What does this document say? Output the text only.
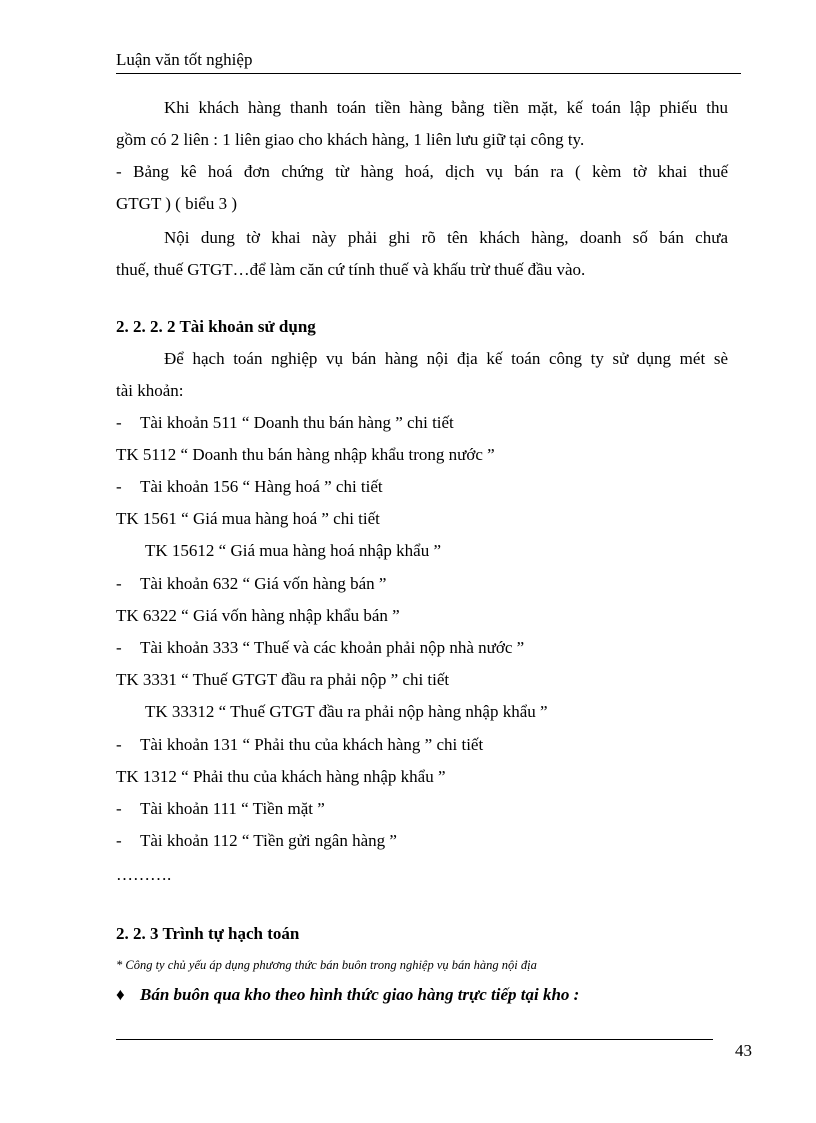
Luận văn tốt nghiệp
Khi khách hàng thanh toán tiền hàng bằng tiền mặt, kế toán lập phiếu thu
gồm có 2 liên : 1 liên giao cho khách hàng, 1 liên lưu giữ tại công ty.
- Bảng kê hoá đơn chứng từ hàng hoá, dịch vụ bán ra ( kèm tờ khai thuế
GTGT ) ( biểu 3 )
Nội dung tờ khai này phải ghi rõ tên khách hàng, doanh số bán chưa
thuế, thuế GTGT…để làm căn cứ tính thuế và khấu trừ thuế đầu vào.
2. 2. 2. 2 Tài khoản sử dụng
Để hạch toán nghiệp vụ bán hàng nội địa kế toán công ty sử dụng mét sè
tài khoản:
- Tài khoản 511 “ Doanh thu bán hàng ” chi tiết
TK 5112 “ Doanh thu bán hàng nhập khẩu trong nước ”
- Tài khoản 156 “ Hàng hoá ” chi tiết
TK 1561 “ Giá mua hàng hoá ” chi tiết
TK 15612 “ Giá mua hàng hoá nhập khẩu ”
- Tài khoản 632 “ Giá vốn hàng bán ”
TK 6322 “ Giá vốn hàng nhập khẩu bán ”
- Tài khoản 333 “ Thuế và các khoản phải nộp nhà nước ”
TK 3331 “ Thuế GTGT đầu ra phải nộp ” chi tiết
TK 33312 “ Thuế GTGT đầu ra phải nộp hàng nhập khẩu ”
- Tài khoản 131 “ Phải thu của khách hàng ” chi tiết
TK 1312 “ Phải thu của khách hàng nhập khẩu ”
- Tài khoản 111 “ Tiền mặt ”
- Tài khoản 112 “ Tiền gửi ngân hàng ”
……….
2. 2. 3 Trình tự hạch toán
* Công ty chủ yếu áp dụng phương thức bán buôn trong nghiệp vụ bán hàng nội địa
♦ Bán buôn qua kho theo hình thức giao hàng trực tiếp tại kho :
43
